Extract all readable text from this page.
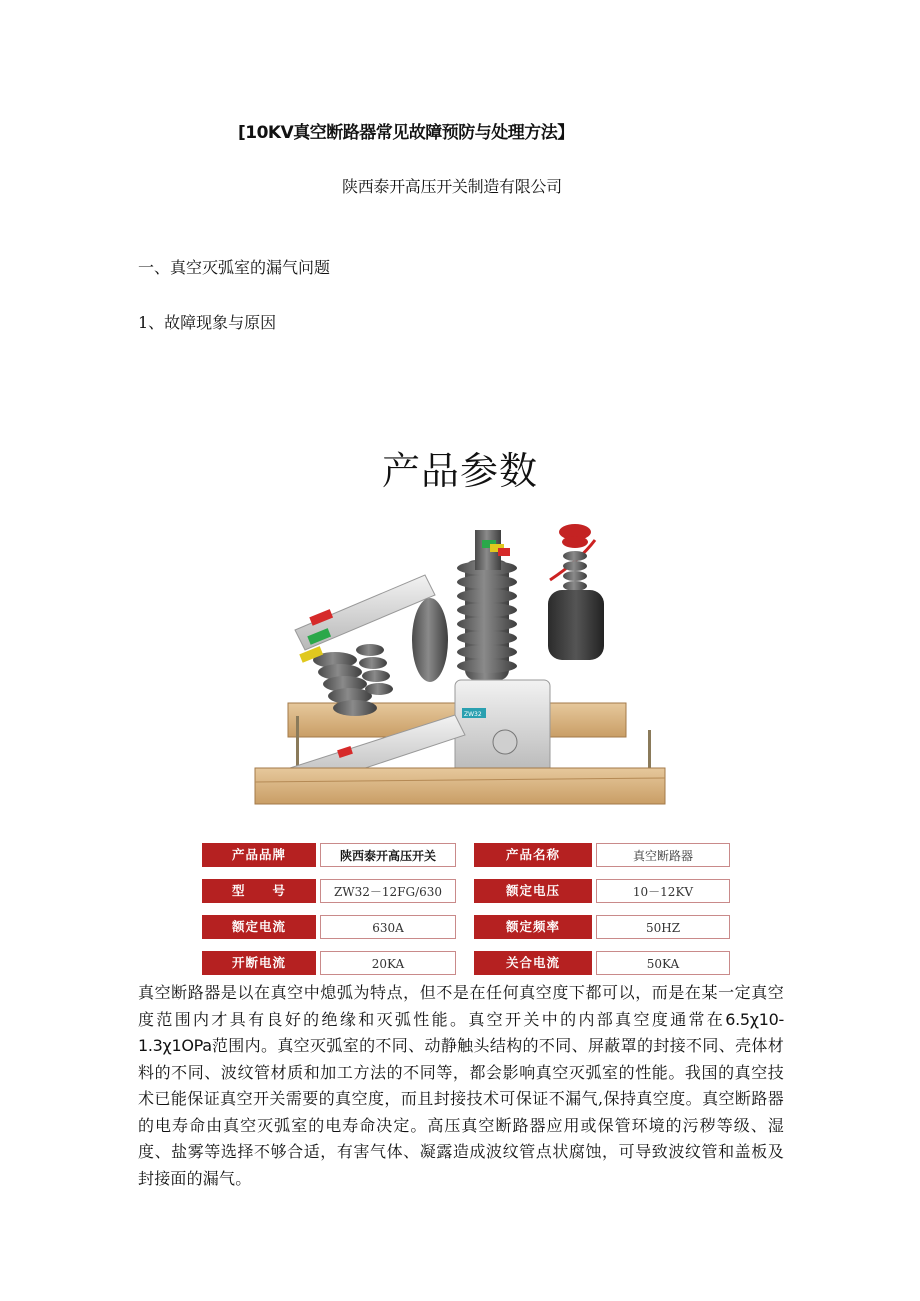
[10KV真空断路器常见故障预防与处理方法】
陕西泰开高压开关制造有限公司
一、真空灭弧室的漏气问题
1、故障现象与原因
产品参数
ZW32
产品品牌	陕西泰开高压开关	产品名称	真空断路器
型　　号	ZW32－12FG/630	额定电压	10－12KV
额定电流	630A	额定频率	50HZ
开断电流	20KA	关合电流	50KA
真空断路器是以在真空中熄弧为特点，但不是在任何真空度下都可以，而是在某一定真空度范围内才具有良好的绝缘和灭弧性能。真空开关中的内部真空度通常在6.5χ10-1.3χ1OPa范围内。真空灭弧室的不同、动静触头结构的不同、屏蔽罩的封接不同、壳体材料的不同、波纹管材质和加工方法的不同等，都会影响真空灭弧室的性能。我国的真空技术已能保证真空开关需要的真空度，而且封接技术可保证不漏气,保持真空度。真空断路器的电寿命由真空灭弧室的电寿命决定。高压真空断路器应用或保管环境的污秽等级、湿度、盐雾等选择不够合适，有害气体、凝露造成波纹管点状腐蚀，可导致波纹管和盖板及封接面的漏气。
